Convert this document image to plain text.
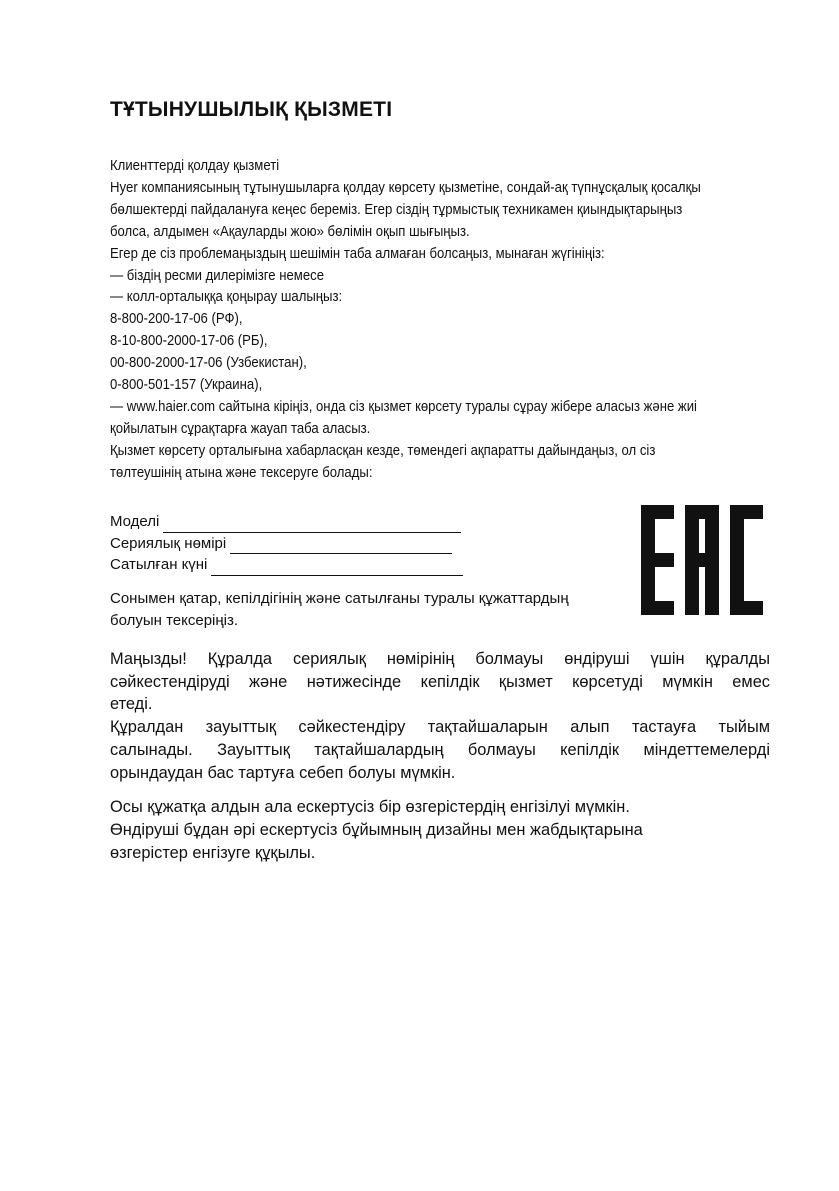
ТҰТЫНУШЫЛЫҚ ҚЫЗМЕТІ
Клиенттерді қолдау қызметі
Hyer компаниясының тұтынушыларға қолдау көрсету қызметіне, сондай-ақ түпнұсқалық қосалқы
бөлшектерді пайдалануға кеңес береміз. Егер сіздің тұрмыстық техникамен қиындықтарыңыз
болса, алдымен «Ақауларды жою» бөлімін оқып шығыңыз.
Егер де сіз проблемаңыздың шешімін таба алмаған болсаңыз, мынаған жүгініңіз:
— біздің ресми дилерімізге немесе
— колл-орталыққа қоңырау шалыңыз:
8-800-200-17-06 (РФ),
8-10-800-2000-17-06 (РБ),
00-800-2000-17-06 (Узбекистан),
0-800-501-157 (Украина),
— www.haier.com сайтына кіріңіз, онда сіз қызмет көрсету туралы сұрау жібере аласыз және жиі
қойылатын сұрақтарға жауап таба аласыз.
Қызмет көрсету орталығына хабарласқан кезде, төмендегі ақпаратты дайындаңыз, ол сіз
төлтеушінің атына және тексеруге болады:
Моделі
Сериялық нөмірі
Сатылған күні
Сонымен қатар, кепілдігінің және сатылғаны туралы құжаттардың
болуын тексеріңіз.
Маңызды! Құралда сериялық нөмірінің болмауы өндіруші үшін құралды
сәйкестендіруді және нәтижесінде кепілдік қызмет көрсетуді мүмкін емес
етеді.
Құралдан зауыттық сәйкестендіру тақтайшаларын алып тастауға тыйым
салынады. Зауыттық тақтайшалардың болмауы кепілдік міндеттемелерді
орындаудан бас тартуға себеп болуы мүмкін.
Осы құжатқа алдын ала ескертусіз бір өзгерістердің енгізілуі мүмкін.
Өндіруші бұдан әрі ескертусіз бұйымның дизайны мен жабдықтарына
өзгерістер енгізуге құқылы.
